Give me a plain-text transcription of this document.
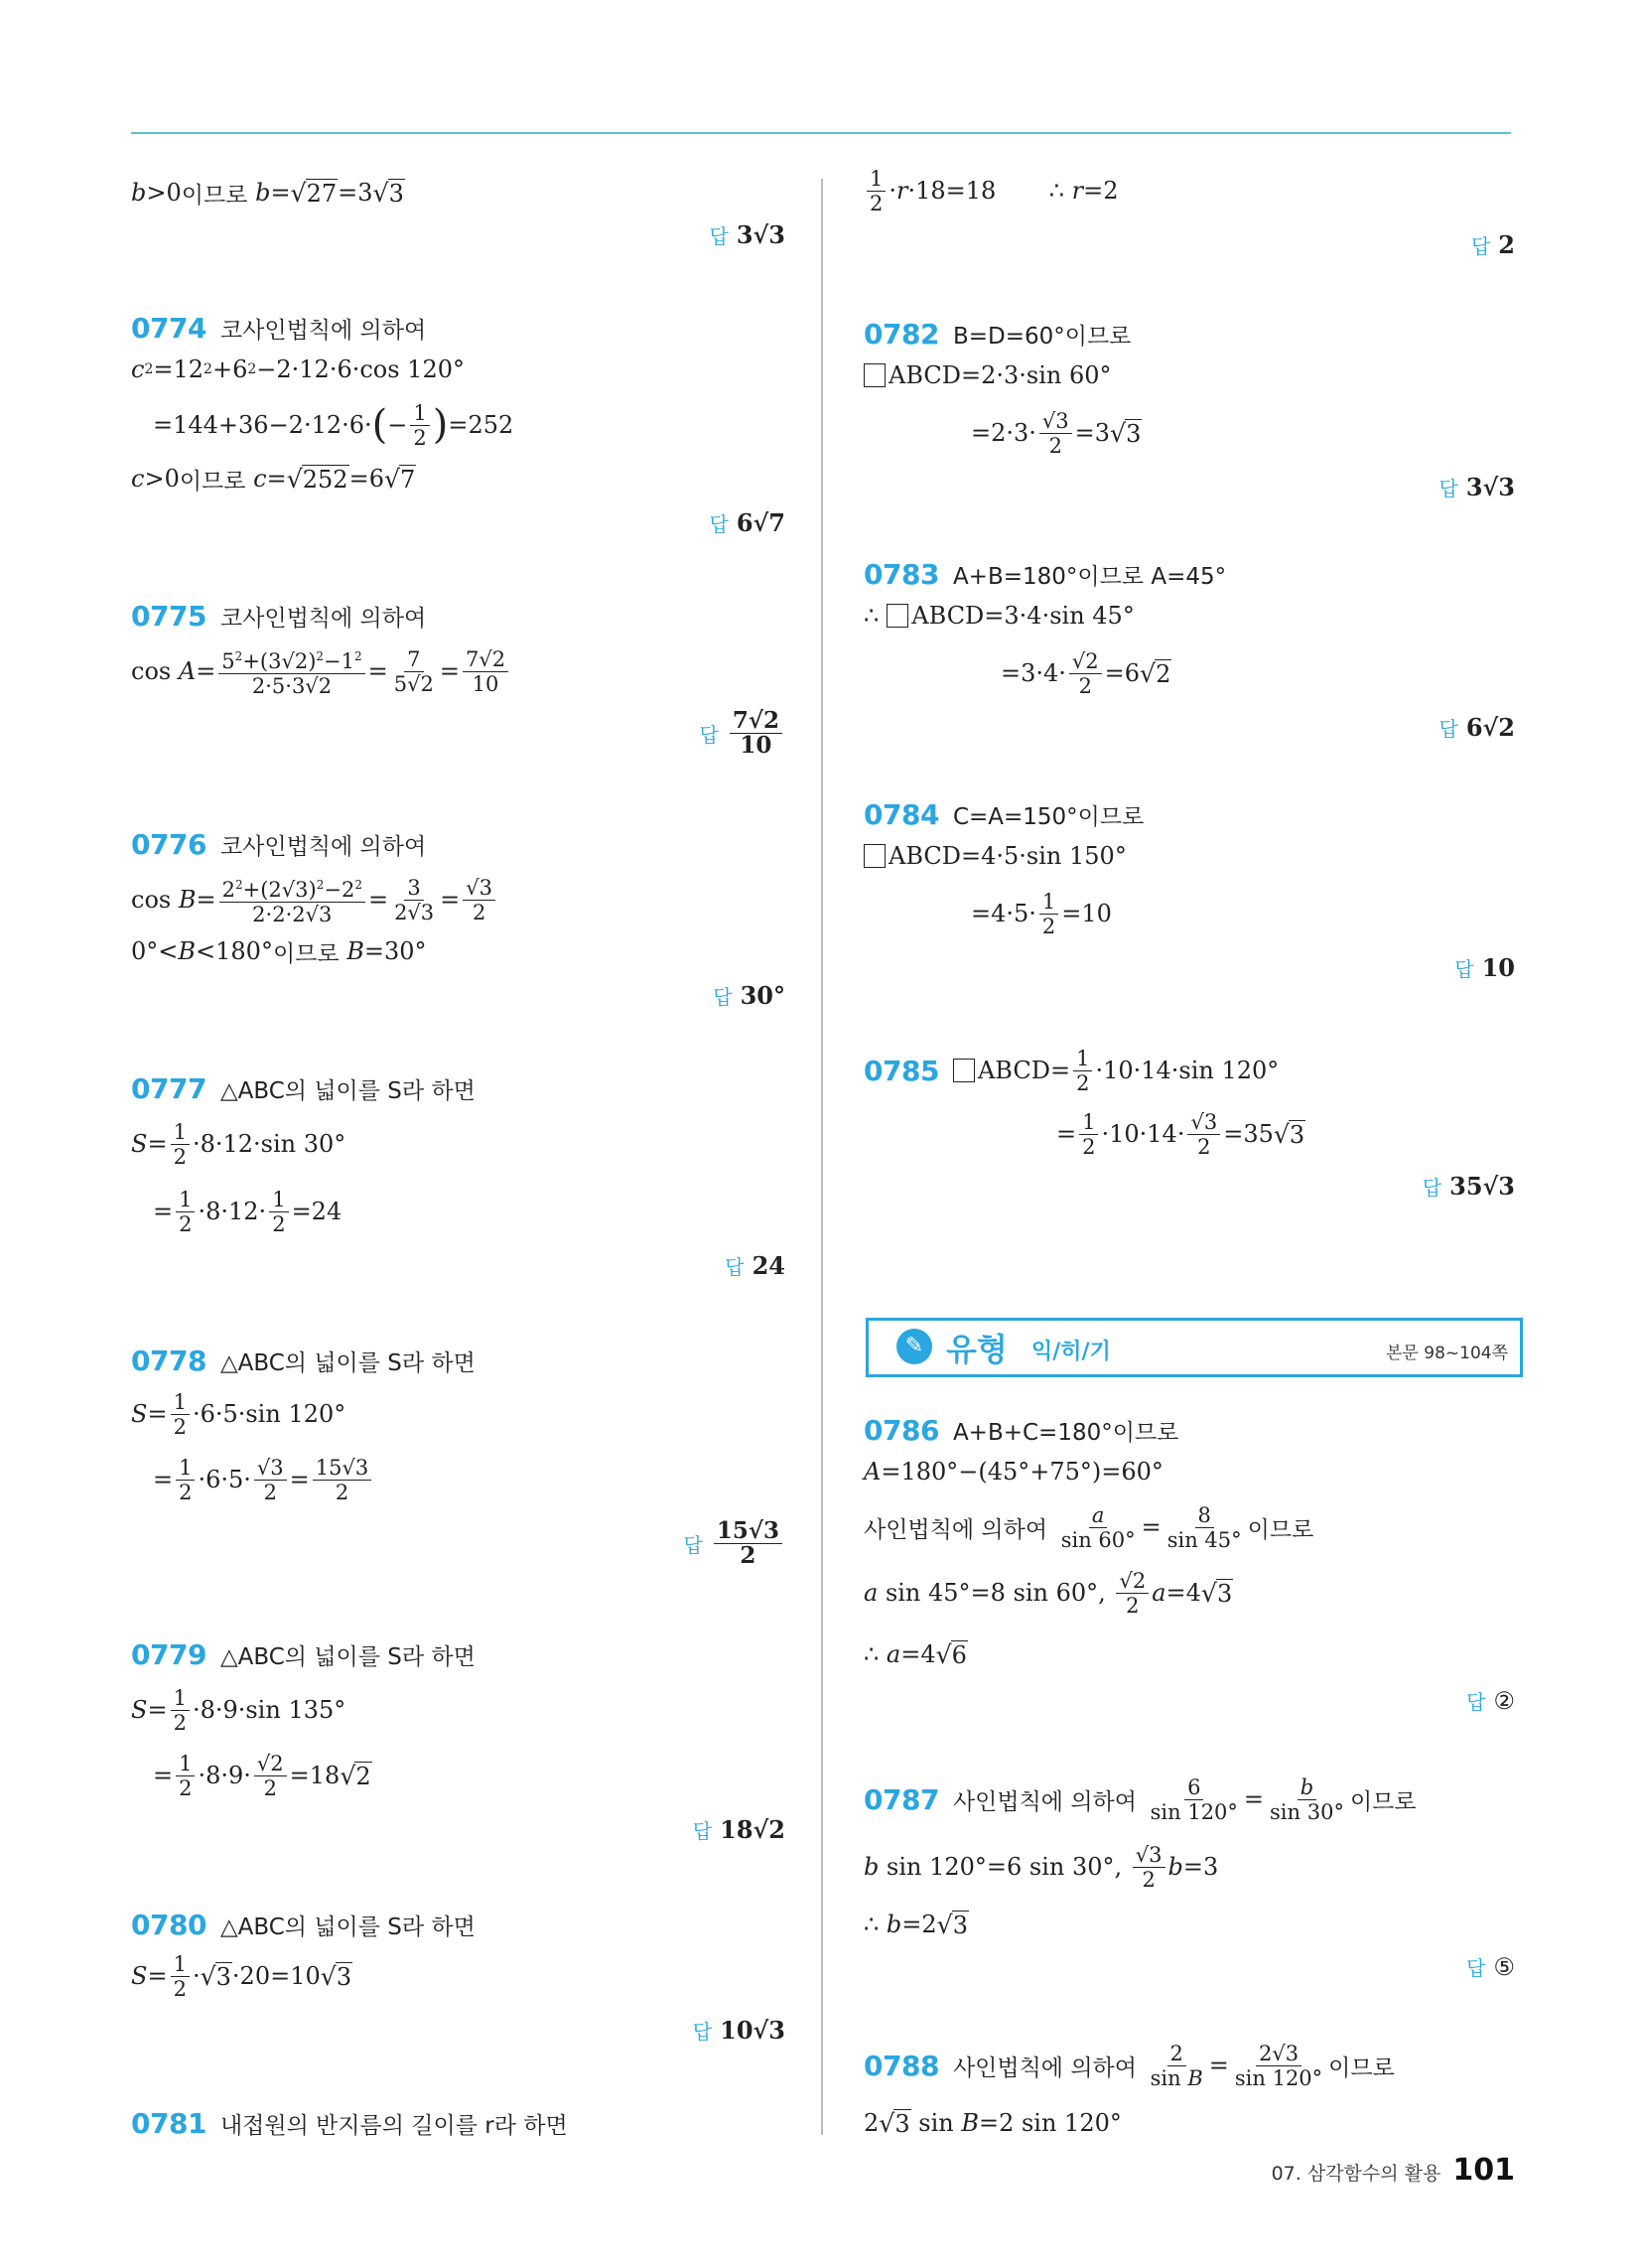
b >0 이므로
b = √ 27 =3 √ 3
답 3√3
0774 코사인법칙에 의하여
c 2 =12 2 +6 2 −2·12·6·cos 120°
=144+36−2·12·6· ( − $\frac{1}{2}$ ) =252
c >0 이므로
c = √ 252 =6 √ 7
답 6√7
0775 코사인법칙에 의하여
$\cos A = \frac{5^2+(3√2)^2-1^2}{2\cdot 5\cdot 3√2} = \frac{7}{5√2} = \frac{7√2}{10}$
답 $\frac{7√2}{10}$
0776 코사인법칙에 의하여
$\cos B = \frac{2^2+(2√3)^2-2^2}{2\cdot 2\cdot 2√3} = \frac{3}{2√3} = \frac{√3}{2}$
0°< B <180° 이므로
B =30°
답 30°
0777 △ABC의 넓이를 S라 하면
$S = \frac{1}{2} \cdot 8\cdot 12\cdot\sin$ 30°
= $\frac{1}{2} \cdot 8\cdot 12\cdot \frac{1}{2} =24$
답 24
0778 △ABC의 넓이를 S라 하면
$S = \frac{1}{2} \cdot 6\cdot 5\cdot\sin$ 120°
= $\frac{1}{2} \cdot 6\cdot 5\cdot \frac{√3}{2} = \frac{15√3}{2}$
답 $\frac{15√3}{2}$
0779 △ABC의 넓이를 S라 하면
$S = \frac{1}{2} \cdot 8\cdot 9\cdot\sin$ 135°
= $\frac{1}{2} \cdot 8\cdot 9\cdot \frac{√2}{2} =18$ √ 2
답 18√2
0780 △ABC의 넓이를 S라 하면
$S = \frac{1}{2}$ · √ 3 ·20=10 √ 3
답 10√3
0781 내접원의 반지름의 길이를 r라 하면
$\frac{1}{2} \cdot r \cdot 18=18$       ∴ r =2
답 2
0782 B=D=60°이므로
ABCD=2·3·sin 60°
$=2\cdot 3\cdot \frac{√3}{2} =3$ √ 3
답 3√3
0783 A+B=180°이므로 A=45°
∴
ABCD=3·4·sin 45°
$=3\cdot 4\cdot \frac{√2}{2} =6$ √ 2
답 6√2
0784 C=A=150°이므로
ABCD=4·5·sin 150°
$=4\cdot 5\cdot \frac{1}{2} =10$
답 10
0785 ABCD= $\frac{1}{2} \cdot 10\cdot 14\cdot\sin$ 120°
= $\frac{1}{2} \cdot 10\cdot 14\cdot \frac{√3}{2} =35$ √ 3
답 35√3
✎ 유형 익/히/기	본문 98~104쪽
0786 A+B+C=180°이므로
A =180°−(45°+75°)=60°
사인법칙에 의하여
$\frac{a}{\sin 60^\circ} = \frac{8}{\sin 45^\circ}$ 이므로
a sin 45°=8 sin 60°, $\frac{√2}{2}$ a =4 √ 3
∴ a =4 √ 6
답 ②
0787 사인법칙에 의하여
$\frac{6}{\sin 120^\circ} = \frac{b}{\sin 30^\circ}$ 이므로
b sin 120°=6 sin 30°, $\frac{√3}{2}$ b =3
∴ b =2 √ 3
답 ⑤
0788 사인법칙에 의하여
$\frac{2}{\text{sin B}} = \frac{2√3}{\sin 120^\circ}$ 이므로
2 √ 3 sin B =2 sin 120°
07. 삼각함수의 활용 101
